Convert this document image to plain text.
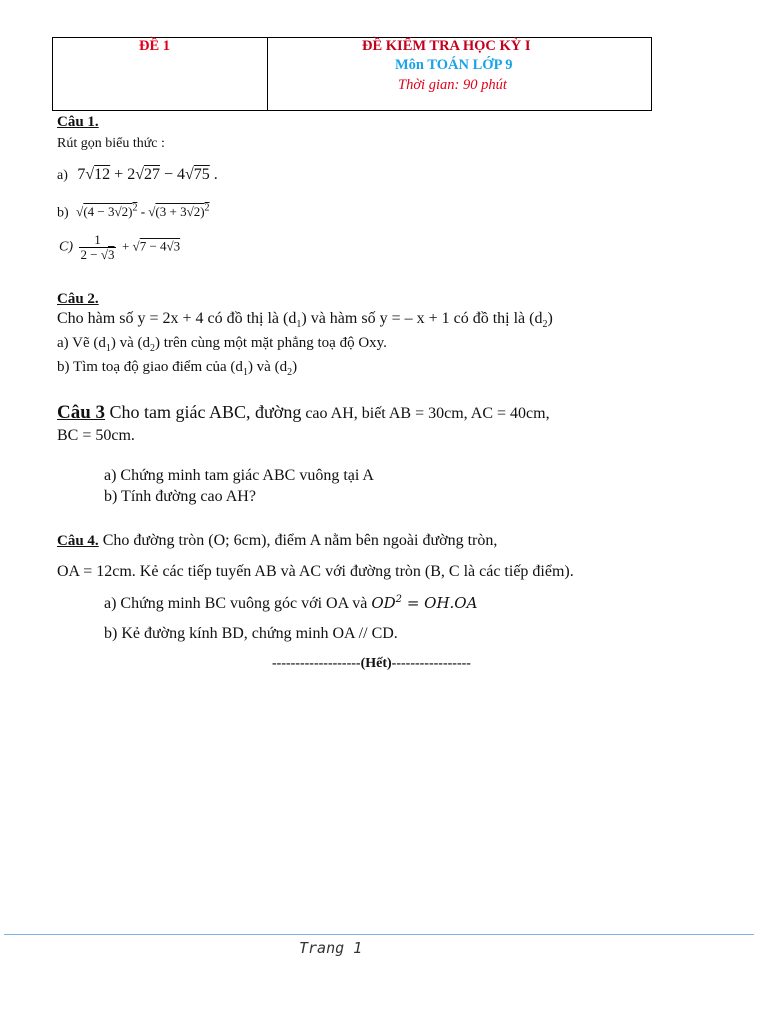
ĐỀ 1	ĐỀ KIỂM TRA HỌC KỲ I
Môn TOÁN LỚP 9
Thời gian: 90 phút
Câu 1.
Rút gọn biểu thức :
a) 7√12 + 2√27 − 4√75 .
b) $√(4 - 3√2)^2 - √(3 + 3√2)^2$
$C) \frac{1}{2 - √3} + √7 - 4√3$
Câu 2.
Cho hàm số y = 2x + 4 có đồ thị là $(d_1)$ và hàm số y = – x + 1 có đồ thị là $(d_2)$
a) Vẽ $(d_1)$ và $(d_2)$ trên cùng một mặt phẳng toạ độ Oxy.
b) Tìm toạ độ giao điểm của $(d_1)$ và $(d_2)$
Câu 3 Cho tam giác ABC, đường cao AH, biết AB = 30cm, AC = 40cm,
BC = 50cm.
a) Chứng minh tam giác ABC vuông tại A
b) Tính đường cao AH?
Câu 4. Cho đường tròn (O; 6cm), điểm A nằm bên ngoài đường tròn,
OA = 12cm. Kẻ các tiếp tuyến AB và AC với đường tròn (B, C là các tiếp điểm).
a) Chứng minh BC vuông góc với OA và $OD^2 = OH.OA$
b) Kẻ đường kính BD, chứng minh OA // CD.
-------------------(Hết)-----------------
Trang 1
